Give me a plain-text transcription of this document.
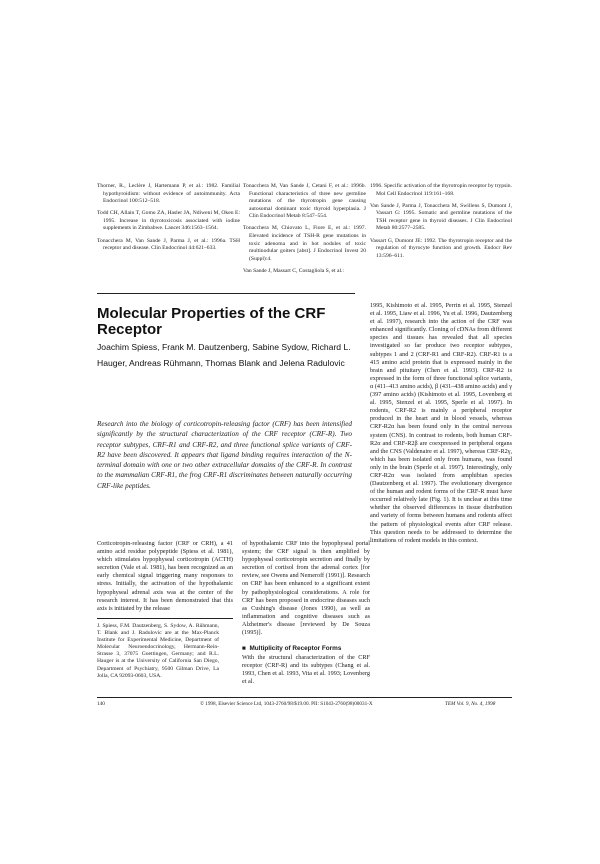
Thorner, R., Leclère J, Hartemann P, et al.: 1982. Familial hypothyroidism: without evidence of autoimmunity. Acta Endocrinol 100:512–518.

Todd CH, Allain T, Gomo ZA, Hasler JA, Ndiweni M, Oken E: 1995. Increase in thyrotoxicosis associated with iodine supplements in Zimbabwe. Lancet 346:1563–1564.

Tonacchera M, Van Sande J, Parma J, et al.: 1996a. TSH receptor and disease. Clin Endocrinol 44:621–633.

Tonacchera M, Van Sande J, Cetani F, et al.: 1996b. Functional characteristics of three new germline mutations of the thyrotropin gene causing autosomal dominant toxic thyroid hyperplasia. J Clin Endocrinol Metab 8:547–554.

Tonacchera M, Chiovato L, Fiore E, et al.: 1997. Elevated incidence of TSH-R gene mutations in toxic adenoma and in hot nodules of toxic multinodular goiters [abst]. J Endocrinol Invest 20 (Suppl):4.

Van Sande J, Massart C, Costagliola S, et al.:

1996. Specific activation of the thyrotropin receptor by trypsin. Mol Cell Endocrinol 119:161–168.

Van Sande J, Parma J, Tonacchera M, Swillens S, Dumont J, Vassart G: 1995. Somatic and germline mutations of the TSH receptor gene in thyroid diseases. J Clin Endocrinol Metab 80:2577–2585.

Vassart G, Dumont JE: 1992. The thyrotropin receptor and the regulation of thyrocyte function and growth. Endocr Rev 13:596–611.

Molecular Properties of the CRF Receptor
Joachim Spiess, Frank M. Dautzenberg, Sabine Sydow, Richard L. Hauger, Andreas Rühmann, Thomas Blank and Jelena Radulovic

Research into the biology of corticotropin-releasing factor (CRF) has been intensified significantly by the structural characterization of the CRF receptor (CRF-R). Two receptor subtypes, CRF-R1 and CRF-R2, and three functional splice variants of CRF-R2 have been discovered. It appears that ligand binding requires interaction of the N-terminal domain with one or two other extracellular domains of the CRF-R. In contrast to the mammalian CRF-R1, the frog CRF-R1 discriminates between naturally occurring CRF-like peptides.

Corticotropin-releasing factor (CRF or CRH), a 41 amino acid residue polypeptide (Spiess et al. 1981), which stimulates hypophyseal corticotropin (ACTH) secretion (Vale et al. 1981), has been recognized as an early chemical signal triggering many responses to stress. Initially, the activation of the hypothalamic hypophyseal adrenal axis was at the center of the research interest. It has been demonstrated that this axis is initiated by the release

J. Spiess, F.M. Dautzenberg, S. Sydow, A. Rühmann, T. Blank and J. Radulovic are at the Max-Planck Institute for Experimental Medicine, Department of Molecular Neuroendocrinology, Hermann-Rein-Strasse 3, 37075 Goettingen, Germany; and R.L. Hauger is at the University of California San Diego, Department of Psychiatry, 9500 Gilman Drive, La Jolla, CA 92093-0603, USA.

of hypothalamic CRF into the hypophyseal portal system; the CRF signal is then amplified by hypophyseal corticotropin secretion and finally by secretion of cortisol from the adrenal cortex [for review, see Owens and Nemeroff (1991)]. Research on CRF has been enhanced to a significant extent by pathophysiological considerations. A role for CRF has been proposed in endocrine diseases such as Cushing's disease (Jones 1990), as well as inflammation and cognitive diseases such as Alzheimer's disease [reviewed by De Souza (1995)].

■ Multiplicity of Receptor Forms

With the structural characterization of the CRF receptor (CRF-R) and its subtypes (Chang et al. 1993, Chen et al. 1993, Vita et al. 1993; Lovenberg et al.

1995, Kishimoto et al. 1995, Perrin et al. 1995, Stenzel et al. 1995, Liaw et al. 1996, Yu et al. 1996, Dautzenberg et al. 1997), research into the action of the CRF was enhanced significantly. Cloning of cDNAs from different species and tissues has revealed that all species investigated so far produce two receptor subtypes, subtypes 1 and 2 (CRF-R1 and CRF-R2). CRF-R1 is a 415 amino acid protein that is expressed mainly in the brain and pituitary (Chen et al. 1993). CRF-R2 is expressed in the form of three functional splice variants, α (411–413 amino acids), β (431–438 amino acids) and γ (397 amino acids) (Kishimoto et al. 1995, Lovenberg et al. 1995, Stenzel et al. 1995, Sperle et al. 1997). In rodents, CRF-R2 is mainly a peripheral receptor produced in the heart and in blood vessels, whereas CRF-R2α has been found only in the central nervous system (CNS). In contrast to rodents, both human CRF-R2α and CRF-R2β are coexpressed in peripheral organs and the CNS (Valdenaire et al. 1997), whereas CRF-R2γ, which has been isolated only from humans, was found only in the brain (Sperle et al. 1997). Interestingly, only CRF-R2α was isolated from amphibian species (Dautzenberg et al. 1997). The evolutionary divergence of the human and rodent forms of the CRF-R must have occurred relatively late (Fig. 1). It is unclear at this time whether the observed differences in tissue distribution and variety of forms between humans and rodents affect the pattern of physiological events after CRF release. This question needs to be addressed to determine the limitations of rodent models in this context.

140	© 1998, Elsevier Science Ltd, 1043-2760/98/$19.00. PII: S1043-2760(98)00031-X	TEM Vol. 9, No. 4, 1998
